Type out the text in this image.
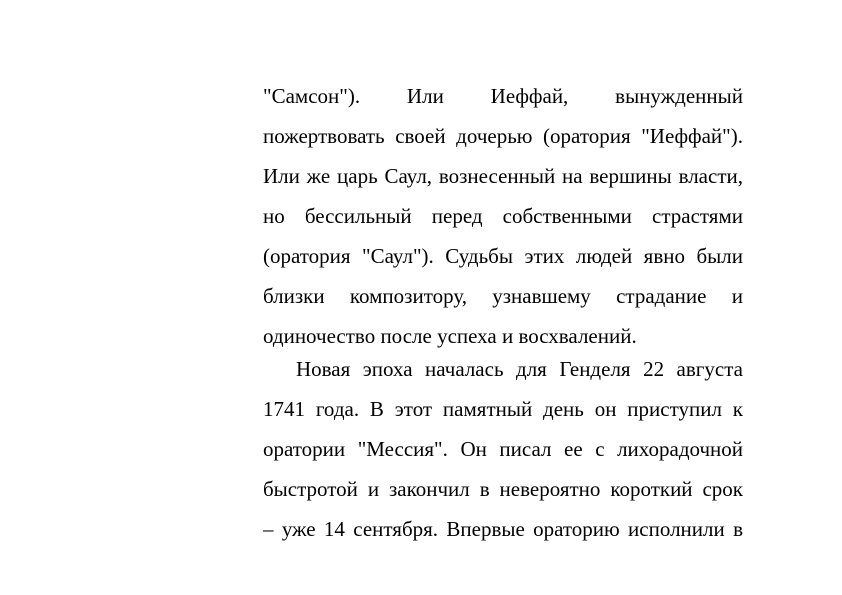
"Самсон"). Или Иеффай, вынужденный
пожертвовать своей дочерью (оратория "Иеффай").
Или же царь Саул, вознесенный на вершины власти,
но бессильный перед собственными страстями
(оратория "Саул"). Судьбы этих людей явно были
близки композитору, узнавшему страдание и
одиночество после успеха и восхвалений.
Новая эпоха началась для Генделя 22 августа
1741 года. В этот памятный день он приступил к
оратории "Мессия". Он писал ее с лихорадочной
быстротой и закончил в невероятно короткий срок
– уже 14 сентября. Впервые ораторию исполнили в
